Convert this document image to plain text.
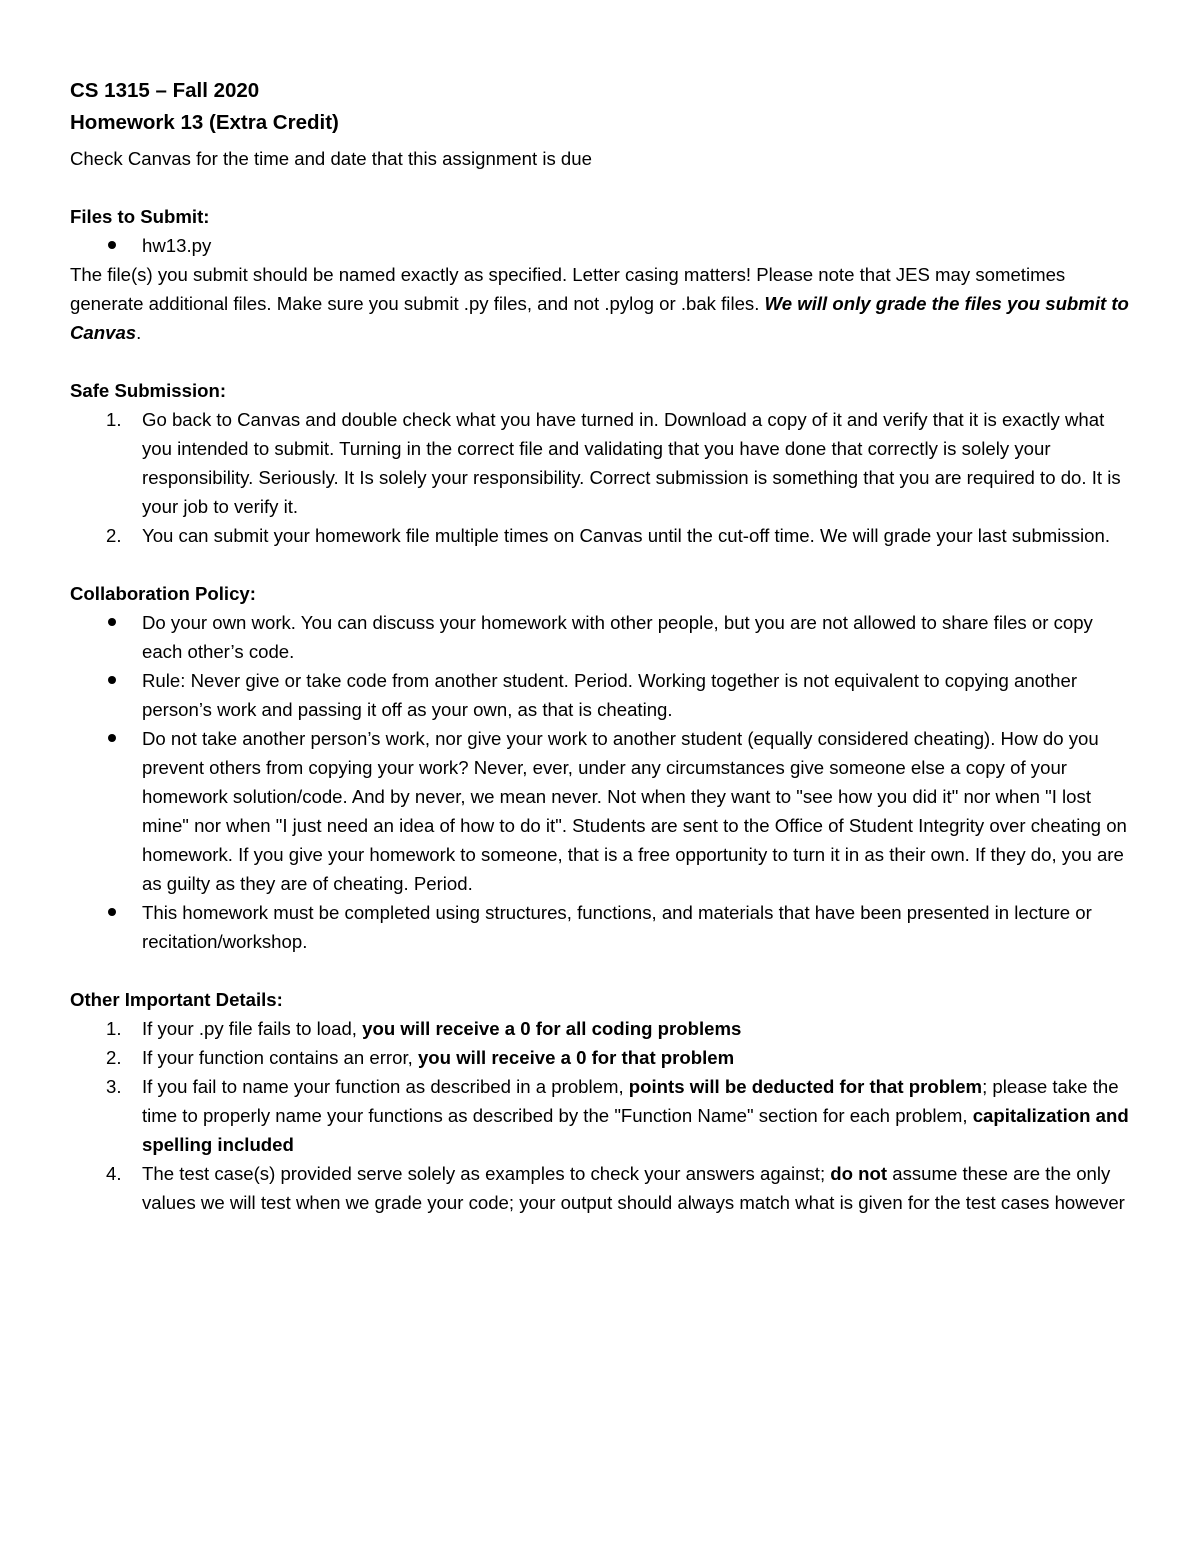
CS 1315 – Fall 2020
Homework 13 (Extra Credit)

Check Canvas for the time and date that this assignment is due

Files to Submit:

hw13.py

The file(s) you submit should be named exactly as specified. Letter casing matters! Please note that JES may sometimes generate additional files. Make sure you submit .py files, and not .pylog or .bak files. We will only grade the files you submit to Canvas.

Safe Submission:

1.	Go back to Canvas and double check what you have turned in. Download a copy of it and verify that it is exactly what you intended to submit. Turning in the correct file and validating that you have done that correctly is solely your responsibility. Seriously. It Is solely your responsibility. Correct submission is something that you are required to do. It is your job to verify it.
2.	You can submit your homework file multiple times on Canvas until the cut-off time. We will grade your last submission.

Collaboration Policy:

Do your own work. You can discuss your homework with other people, but you are not allowed to share files or copy each other’s code.
Rule: Never give or take code from another student. Period. Working together is not equivalent to copying another person’s work and passing it off as your own, as that is cheating.
Do not take another person’s work, nor give your work to another student (equally considered cheating). How do you prevent others from copying your work? Never, ever, under any circumstances give someone else a copy of your homework solution/code. And by never, we mean never. Not when they want to "see how you did it" nor when "I lost mine" nor when "I just need an idea of how to do it". Students are sent to the Office of Student Integrity over cheating on homework. If you give your homework to someone, that is a free opportunity to turn it in as their own. If they do, you are as guilty as they are of cheating. Period.
This homework must be completed using structures, functions, and materials that have been presented in lecture or recitation/workshop.

Other Important Details:

1.	If your .py file fails to load, you will receive a 0 for all coding problems
2.	If your function contains an error, you will receive a 0 for that problem
3.	If you fail to name your function as described in a problem, points will be deducted for that problem; please take the time to properly name your functions as described by the "Function Name" section for each problem, capitalization and spelling included
4.	The test case(s) provided serve solely as examples to check your answers against; do not assume these are the only values we will test when we grade your code; your output should always match what is given for the test cases however
